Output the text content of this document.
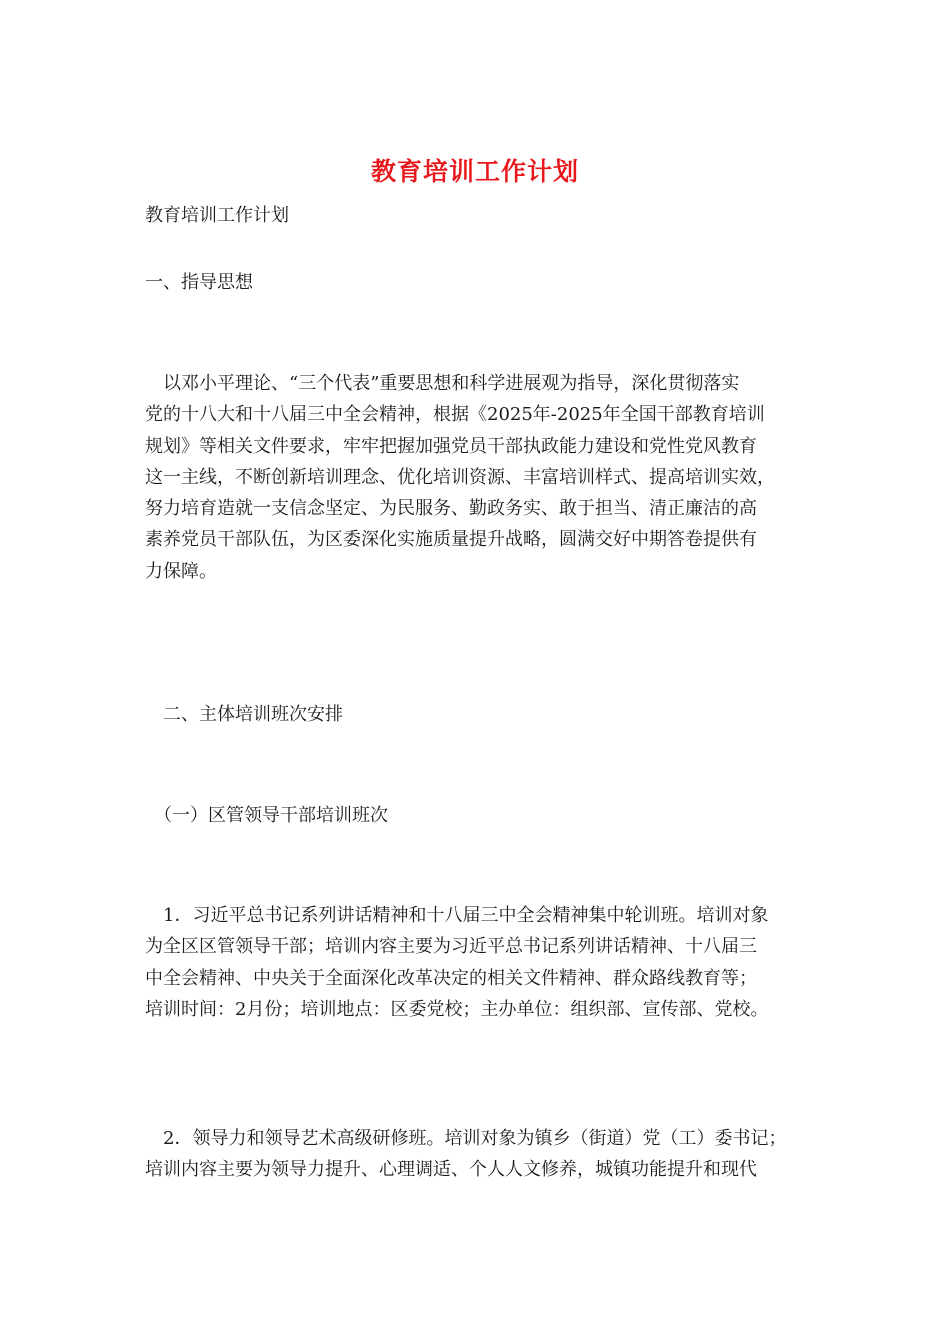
教育培训工作计划
教育培训工作计划
一、指导思想
　以邓小平理论、“三个代表”重要思想和科学进展观为指导，深化贯彻落实
党的十八大和十八届三中全会精神，根据《2025年-2025年全国干部教育培训
规划》等相关文件要求，牢牢把握加强党员干部执政能力建设和党性党风教育
这一主线，不断创新培训理念、优化培训资源、丰富培训样式、提高培训实效，
努力培育造就一支信念坚定、为民服务、勤政务实、敢于担当、清正廉洁的高
素养党员干部队伍，为区委深化实施质量提升战略，圆满交好中期答卷提供有
力保障。
　二、主体培训班次安排
　（一）区管领导干部培训班次
　1．习近平总书记系列讲话精神和十八届三中全会精神集中轮训班。培训对象
为全区区管领导干部；培训内容主要为习近平总书记系列讲话精神、十八届三
中全会精神、中央关于全面深化改革决定的相关文件精神、群众路线教育等；
培训时间：2月份；培训地点：区委党校；主办单位：组织部、宣传部、党校。
　2．领导力和领导艺术高级研修班。培训对象为镇乡（街道）党（工）委书记；
培训内容主要为领导力提升、心理调适、个人人文修养，城镇功能提升和现代
